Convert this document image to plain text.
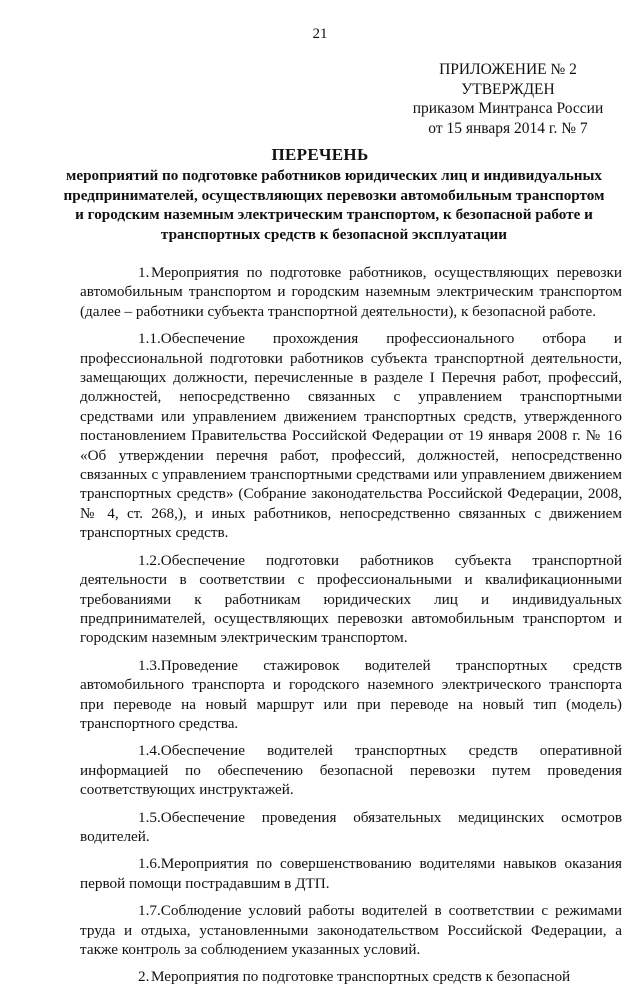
21
ПРИЛОЖЕНИЕ № 2
УТВЕРЖДЕН
приказом Минтранса России
от 15 января 2014 г. № 7
ПЕРЕЧЕНЬ
мероприятий по подготовке работников юридических лиц и индивидуальных предпринимателей, осуществляющих перевозки автомобильным транспортом и городским наземным электрическим транспортом, к безопасной работе и транспортных средств к безопасной эксплуатации

1. Мероприятия по подготовке работников, осуществляющих перевозки автомобильным транспортом и городским наземным электрическим транспортом (далее – работники субъекта транспортной деятельности), к безопасной работе.

1.1.Обеспечение прохождения профессионального отбора и профессиональной подготовки работников субъекта транспортной деятельности, замещающих должности, перечисленные в разделе I Перечня работ, профессий, должностей, непосредственно связанных с управлением транспортными средствами или управлением движением транспортных средств, утвержденного постановлением Правительства Российской Федерации от 19 января 2008 г. № 16 «Об утверждении перечня работ, профессий, должностей, непосредственно связанных с управлением транспортными средствами или управлением движением транспортных средств» (Собрание законодательства Российской Федерации, 2008, № 4, ст. 268,), и иных работников, непосредственно связанных с движением транспортных средств.

1.2.Обеспечение подготовки работников субъекта транспортной деятельности в соответствии с профессиональными и квалификационными требованиями к работникам юридических лиц и индивидуальных предпринимателей, осуществляющих перевозки автомобильным транспортом и городским наземным электрическим транспортом.

1.3.Проведение стажировок водителей транспортных средств автомобильного транспорта и городского наземного электрического транспорта при переводе на новый маршрут или при переводе на новый тип (модель) транспортного средства.

1.4.Обеспечение водителей транспортных средств оперативной информацией по обеспечению безопасной перевозки путем проведения соответствующих инструктажей.

1.5.Обеспечение проведения обязательных медицинских осмотров водителей.

1.6.Мероприятия по совершенствованию водителями навыков оказания первой помощи пострадавшим в ДТП.

1.7.Соблюдение условий работы водителей в соответствии с режимами труда и отдыха, установленными законодательством Российской Федерации, а также контроль за соблюдением указанных условий.

2. Мероприятия по подготовке транспортных средств к безопасной
